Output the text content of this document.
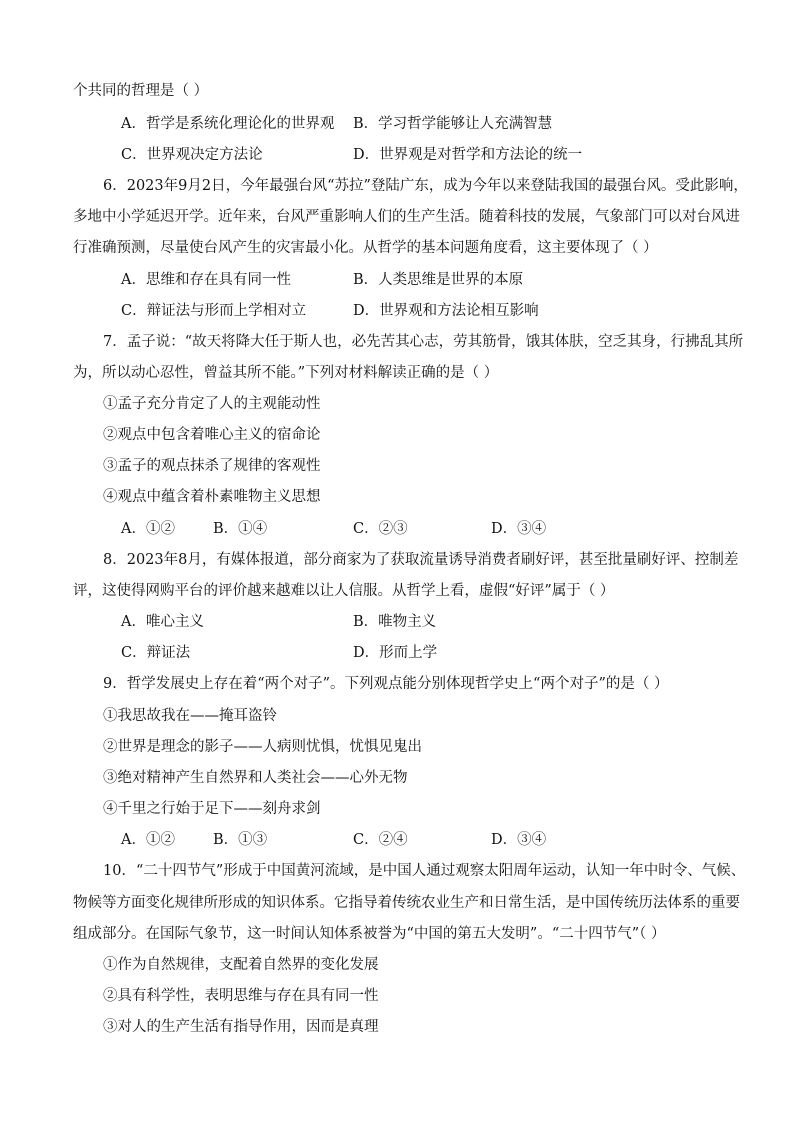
个共同的哲理是（ ）
A．哲学是系统化理论化的世界观 B．学习哲学能够让人充满智慧
C．世界观决定方法论	D．世界观是对哲学和方法论的统一
6．2023年9月2日，今年最强台风“苏拉”登陆广东，成为今年以来登陆我国的最强台风。受此影响，
多地中小学延迟开学。近年来，台风严重影响人们的生产生活。随着科技的发展，气象部门可以对台风进
行准确预测，尽量使台风产生的灾害最小化。从哲学的基本问题角度看，这主要体现了（ ）
A．思维和存在具有同一性	B．人类思维是世界的本原
C．辩证法与形而上学相对立	D．世界观和方法论相互影响
7．孟子说：“故天将降大任于斯人也，必先苦其心志，劳其筋骨，饿其体肤，空乏其身，行拂乱其所
为，所以动心忍性，曾益其所不能。”下列对材料解读正确的是（ ）
①孟子充分肯定了人的主观能动性
②观点中包含着唯心主义的宿命论
③孟子的观点抹杀了规律的客观性
④观点中蕴含着朴素唯物主义思想
A．①②	B．①④	C．②③	D．③④
8．2023年8月，有媒体报道，部分商家为了获取流量诱导消费者刷好评，甚至批量刷好评、控制差
评，这使得网购平台的评价越来越难以让人信服。从哲学上看，虚假“好评”属于（ ）
A．唯心主义	B．唯物主义
C．辩证法	D．形而上学
9．哲学发展史上存在着“两个对子”。下列观点能分别体现哲学史上“两个对子”的是（ ）
①我思故我在——掩耳盗铃
②世界是理念的影子——人病则忧惧，忧惧见鬼出
③绝对精神产生自然界和人类社会——心外无物
④千里之行始于足下——刻舟求剑
A．①②	B．①③	C．②④	D．③④
10．“二十四节气”形成于中国黄河流域，是中国人通过观察太阳周年运动，认知一年中时令、气候、
物候等方面变化规律所形成的知识体系。它指导着传统农业生产和日常生活，是中国传统历法体系的重要
组成部分。在国际气象节，这一时间认知体系被誉为“中国的第五大发明”。“二十四节气”（ ）
①作为自然规律，支配着自然界的变化发展
②具有科学性，表明思维与存在具有同一性
③对人的生产生活有指导作用，因而是真理
